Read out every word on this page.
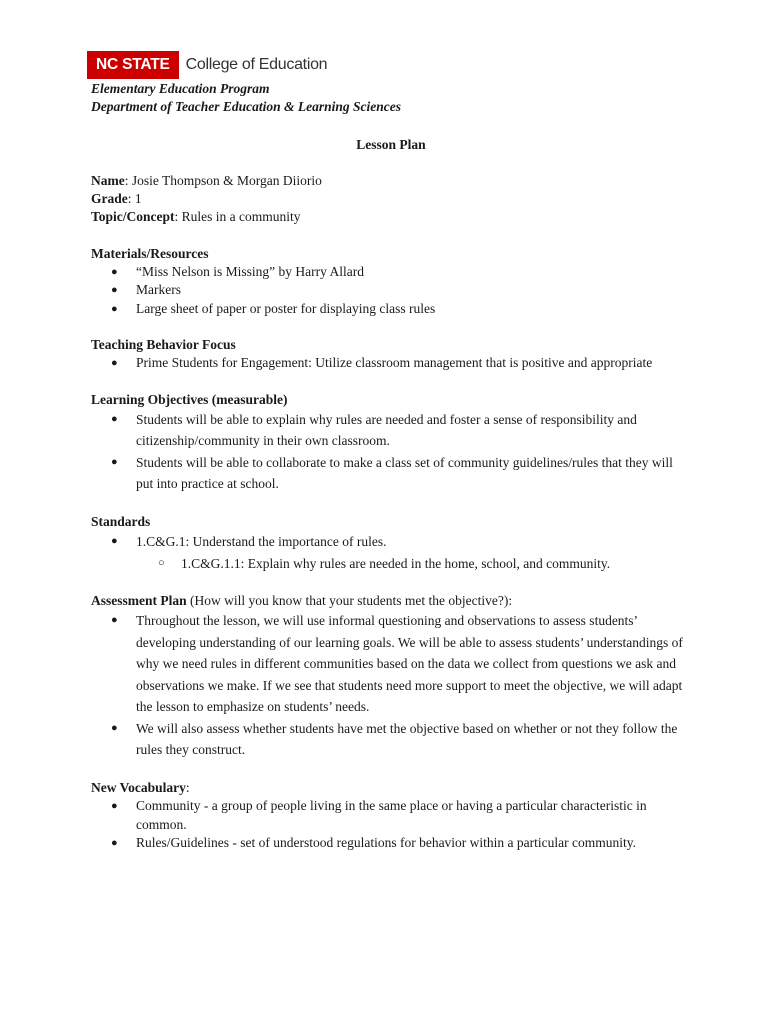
NC STATE	College of Education
Elementary Education Program
Department of Teacher Education & Learning Sciences
Lesson Plan
Name: Josie Thompson & Morgan Diiorio
Grade: 1
Topic/Concept: Rules in a community
Materials/Resources
● “Miss Nelson is Missing” by Harry Allard
● Markers
● Large sheet of paper or poster for displaying class rules
Teaching Behavior Focus
● Prime Students for Engagement: Utilize classroom management that is positive and appropriate
Learning Objectives (measurable)
● Students will be able to explain why rules are needed and foster a sense of responsibility and citizenship/community in their own classroom.
● Students will be able to collaborate to make a class set of community guidelines/rules that they will put into practice at school.
Standards
● 1.C&G.1: Understand the importance of rules.
○ 1.C&G.1.1: Explain why rules are needed in the home, school, and community.
Assessment Plan (How will you know that your students met the objective?):
● Throughout the lesson, we will use informal questioning and observations to assess students’ developing understanding of our learning goals. We will be able to assess students’ understandings of why we need rules in different communities based on the data we collect from questions we ask and observations we make. If we see that students need more support to meet the objective, we will adapt the lesson to emphasize on students’ needs.
● We will also assess whether students have met the objective based on whether or not they follow the rules they construct.
New Vocabulary:
● Community - a group of people living in the same place or having a particular characteristic in common.
● Rules/Guidelines - set of understood regulations for behavior within a particular community.
